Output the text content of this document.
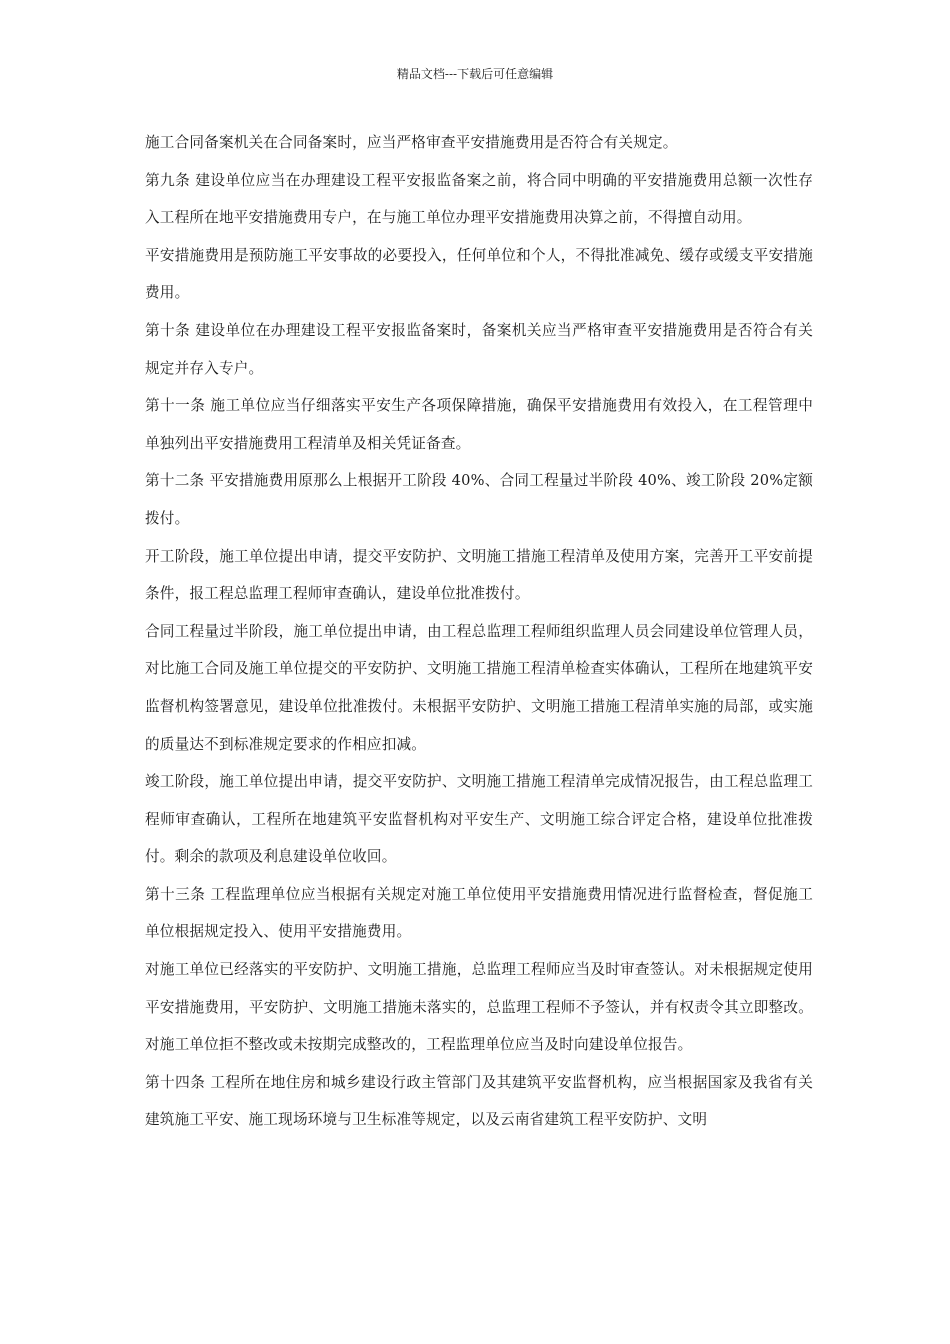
精品文档---下载后可任意编辑

施工合同备案机关在合同备案时，应当严格审查平安措施费用是否符合有关规定。

第九条 建设单位应当在办理建设工程平安报监备案之前，将合同中明确的平安措施费用总额一次性存入工程所在地平安措施费用专户，在与施工单位办理平安措施费用决算之前，不得擅自动用。

平安措施费用是预防施工平安事故的必要投入，任何单位和个人，不得批准减免、缓存或缓支平安措施费用。

第十条 建设单位在办理建设工程平安报监备案时，备案机关应当严格审查平安措施费用是否符合有关规定并存入专户。

第十一条 施工单位应当仔细落实平安生产各项保障措施，确保平安措施费用有效投入，在工程管理中单独列出平安措施费用工程清单及相关凭证备查。

第十二条 平安措施费用原那么上根据开工阶段 40%、合同工程量过半阶段 40%、竣工阶段 20%定额拨付。

开工阶段，施工单位提出申请，提交平安防护、文明施工措施工程清单及使用方案，完善开工平安前提条件，报工程总监理工程师审查确认，建设单位批准拨付。

合同工程量过半阶段，施工单位提出申请，由工程总监理工程师组织监理人员会同建设单位管理人员，对比施工合同及施工单位提交的平安防护、文明施工措施工程清单检查实体确认，工程所在地建筑平安监督机构签署意见，建设单位批准拨付。未根据平安防护、文明施工措施工程清单实施的局部，或实施的质量达不到标准规定要求的作相应扣减。

竣工阶段，施工单位提出申请，提交平安防护、文明施工措施工程清单完成情况报告，由工程总监理工程师审查确认，工程所在地建筑平安监督机构对平安生产、文明施工综合评定合格，建设单位批准拨付。剩余的款项及利息建设单位收回。

第十三条 工程监理单位应当根据有关规定对施工单位使用平安措施费用情况进行监督检查，督促施工单位根据规定投入、使用平安措施费用。

对施工单位已经落实的平安防护、文明施工措施，总监理工程师应当及时审查签认。对未根据规定使用平安措施费用，平安防护、文明施工措施未落实的，总监理工程师不予签认，并有权责令其立即整改。对施工单位拒不整改或未按期完成整改的，工程监理单位应当及时向建设单位报告。

第十四条 工程所在地住房和城乡建设行政主管部门及其建筑平安监督机构，应当根据国家及我省有关建筑施工平安、施工现场环境与卫生标准等规定，以及云南省建筑工程平安防护、文明
